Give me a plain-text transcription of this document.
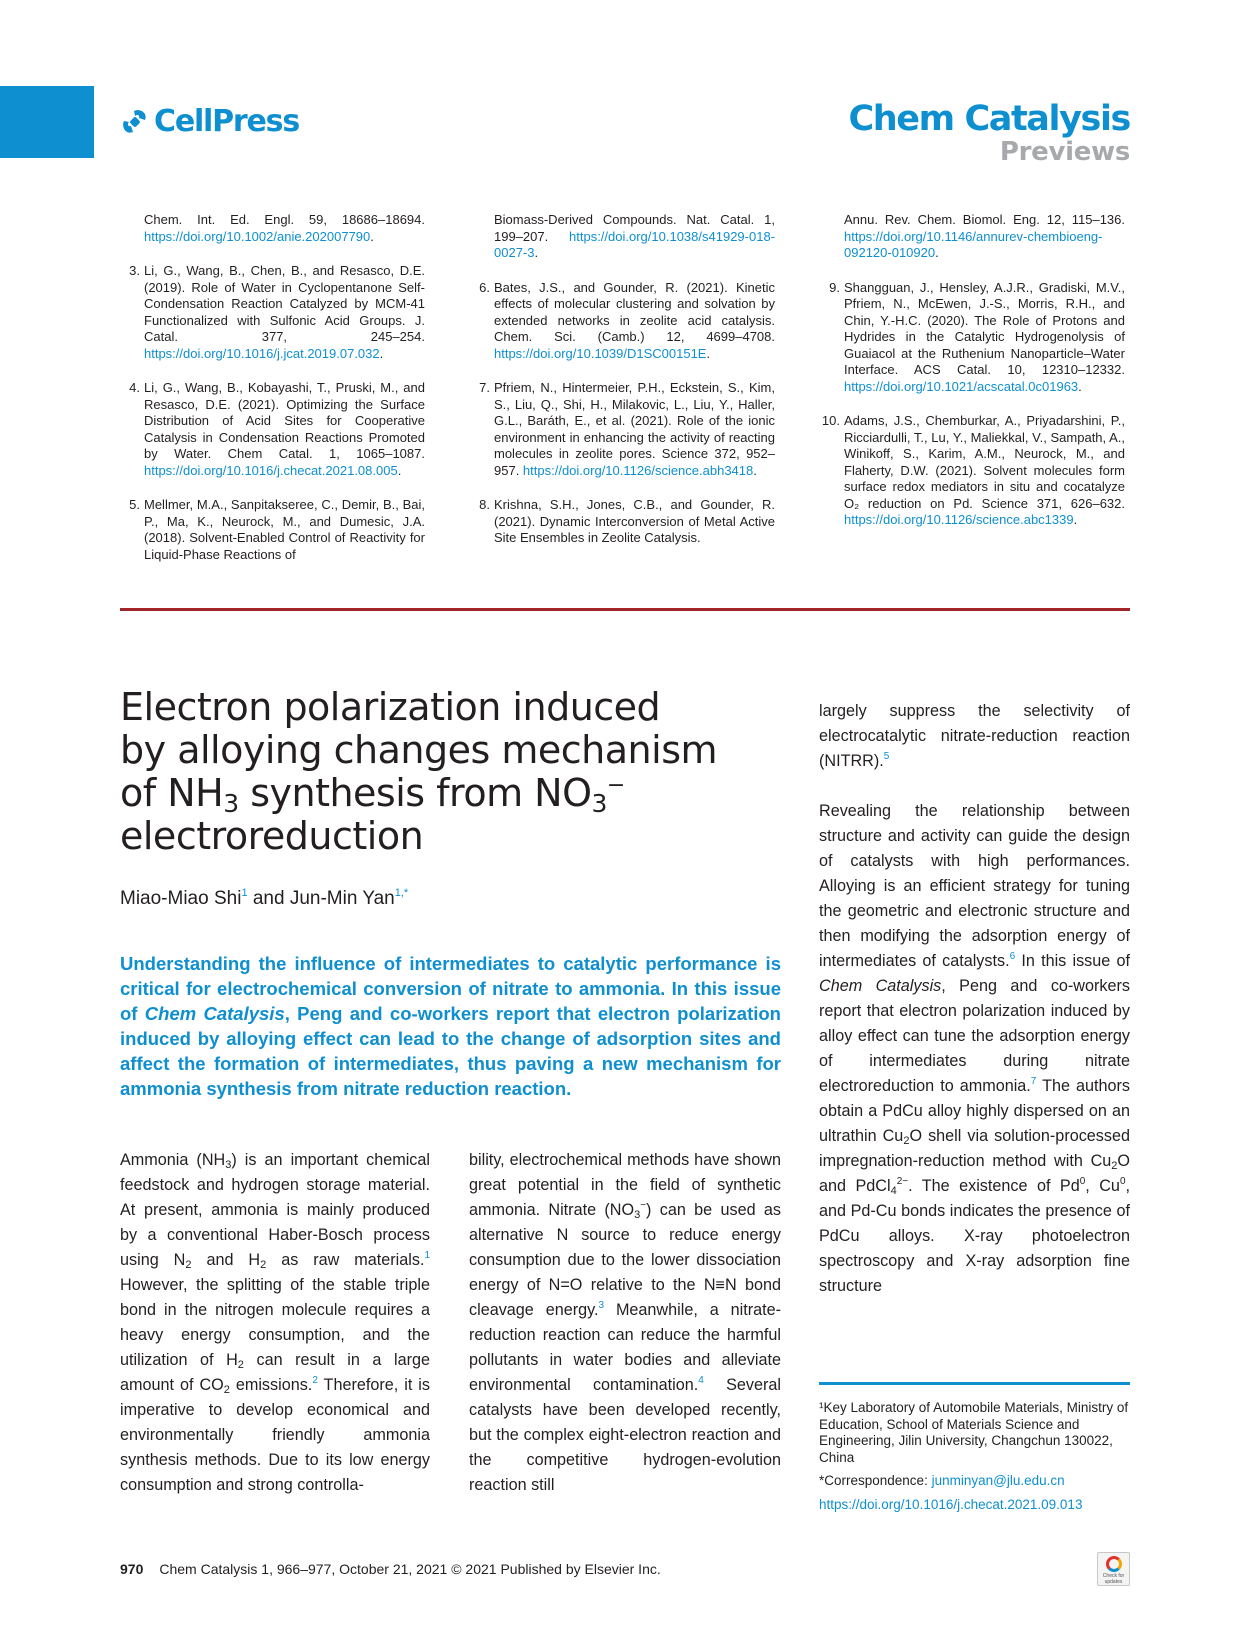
CellPress	Chem Catalysis
Previews
Chem. Int. Ed. Engl. 59, 18686–18694. https://doi.org/10.1002/anie.202007790.
3. Li, G., Wang, B., Chen, B., and Resasco, D.E. (2019). Role of Water in Cyclopentanone Self-Condensation Reaction Catalyzed by MCM-41 Functionalized with Sulfonic Acid Groups. J. Catal. 377, 245–254. https://doi.org/10.1016/j.jcat.2019.07.032.
4. Li, G., Wang, B., Kobayashi, T., Pruski, M., and Resasco, D.E. (2021). Optimizing the Surface Distribution of Acid Sites for Cooperative Catalysis in Condensation Reactions Promoted by Water. Chem Catal. 1, 1065–1087. https://doi.org/10.1016/j.checat.2021.08.005.
5. Mellmer, M.A., Sanpitakseree, C., Demir, B., Bai, P., Ma, K., Neurock, M., and Dumesic, J.A. (2018). Solvent-Enabled Control of Reactivity for Liquid-Phase Reactions of
Biomass-Derived Compounds. Nat. Catal. 1, 199–207. https://doi.org/10.1038/s41929-018-0027-3.
6. Bates, J.S., and Gounder, R. (2021). Kinetic effects of molecular clustering and solvation by extended networks in zeolite acid catalysis. Chem. Sci. (Camb.) 12, 4699–4708. https://doi.org/10.1039/D1SC00151E.
7. Pfriem, N., Hintermeier, P.H., Eckstein, S., Kim, S., Liu, Q., Shi, H., Milakovic, L., Liu, Y., Haller, G.L., Baráth, E., et al. (2021). Role of the ionic environment in enhancing the activity of reacting molecules in zeolite pores. Science 372, 952–957. https://doi.org/10.1126/science.abh3418.
8. Krishna, S.H., Jones, C.B., and Gounder, R. (2021). Dynamic Interconversion of Metal Active Site Ensembles in Zeolite Catalysis.
Annu. Rev. Chem. Biomol. Eng. 12, 115–136. https://doi.org/10.1146/annurev-chembioeng-092120-010920.
9. Shangguan, J., Hensley, A.J.R., Gradiski, M.V., Pfriem, N., McEwen, J.-S., Morris, R.H., and Chin, Y.-H.C. (2020). The Role of Protons and Hydrides in the Catalytic Hydrogenolysis of Guaiacol at the Ruthenium Nanoparticle–Water Interface. ACS Catal. 10, 12310–12332. https://doi.org/10.1021/acscatal.0c01963.
10. Adams, J.S., Chemburkar, A., Priyadarshini, P., Ricciardulli, T., Lu, Y., Maliekkal, V., Sampath, A., Winikoff, S., Karim, A.M., Neurock, M., and Flaherty, D.W. (2021). Solvent molecules form surface redox mediators in situ and cocatalyze O₂ reduction on Pd. Science 371, 626–632. https://doi.org/10.1126/science.abc1339.
Electron polarization induced
by alloying changes mechanism
of $NH_3$ synthesis from $NO_3^-$
electroreduction
Miao-Miao Shi$^1$ and Jun-Min Yan$^{1,*}$
Understanding the influence of intermediates to catalytic performance is critical for electrochemical conversion of nitrate to ammonia. In this issue of Chem Catalysis, Peng and co-workers report that electron polarization induced by alloying effect can lead to the change of adsorption sites and affect the formation of intermediates, thus paving a new mechanism for ammonia synthesis from nitrate reduction reaction.

Ammonia $(NH_3)$ is an important chemical feedstock and hydrogen storage material. At present, ammonia is mainly produced by a conventional Haber-Bosch process using $N_2$ and $H_2$ as raw materials.$^1$ However, the splitting of the stable triple bond in the nitrogen molecule requires a heavy energy consumption, and the utilization of $H_2$ can result in a large amount of $CO_2$ emissions.$^2$ Therefore, it is imperative to develop economical and environmentally friendly ammonia synthesis methods. Due to its low energy consumption and strong controlla-

bility, electrochemical methods have shown great potential in the field of synthetic ammonia. Nitrate $(NO_3^-)$ can be used as alternative N source to reduce energy consumption due to the lower dissociation energy of N=O relative to the N≡N bond cleavage energy.$^3$ Meanwhile, a nitrate-reduction reaction can reduce the harmful pollutants in water bodies and alleviate environmental contamination.$^4$ Several catalysts have been developed recently, but the complex eight-electron reaction and the competitive hydrogen-evolution reaction still

largely suppress the selectivity of electrocatalytic nitrate-reduction reaction (NITRR).$^5$

Revealing the relationship between structure and activity can guide the design of catalysts with high performances. Alloying is an efficient strategy for tuning the geometric and electronic structure and then modifying the adsorption energy of intermediates of catalysts.$^6$ In this issue of Chem Catalysis, Peng and co-workers report that electron polarization induced by alloy effect can tune the adsorption energy of intermediates during nitrate electroreduction to ammonia.$^7$ The authors obtain a PdCu alloy highly dispersed on an ultrathin $Cu_2O$ shell via solution-processed impregnation-reduction method with $Cu_2O$ and PdCl$_4^{2-}$. The existence of Pd$^0$, Cu$^0$, and Pd-Cu bonds indicates the presence of PdCu alloys. X-ray photoelectron spectroscopy and X-ray adsorption fine structure

¹Key Laboratory of Automobile Materials, Ministry of Education, School of Materials Science and Engineering, Jilin University, Changchun 130022, China

*Correspondence: junminyan@jlu.edu.cn

https://doi.org/10.1016/j.checat.2021.09.013

970 Chem Catalysis 1, 966–977, October 21, 2021 © 2021 Published by Elsevier Inc.	Check for updates
